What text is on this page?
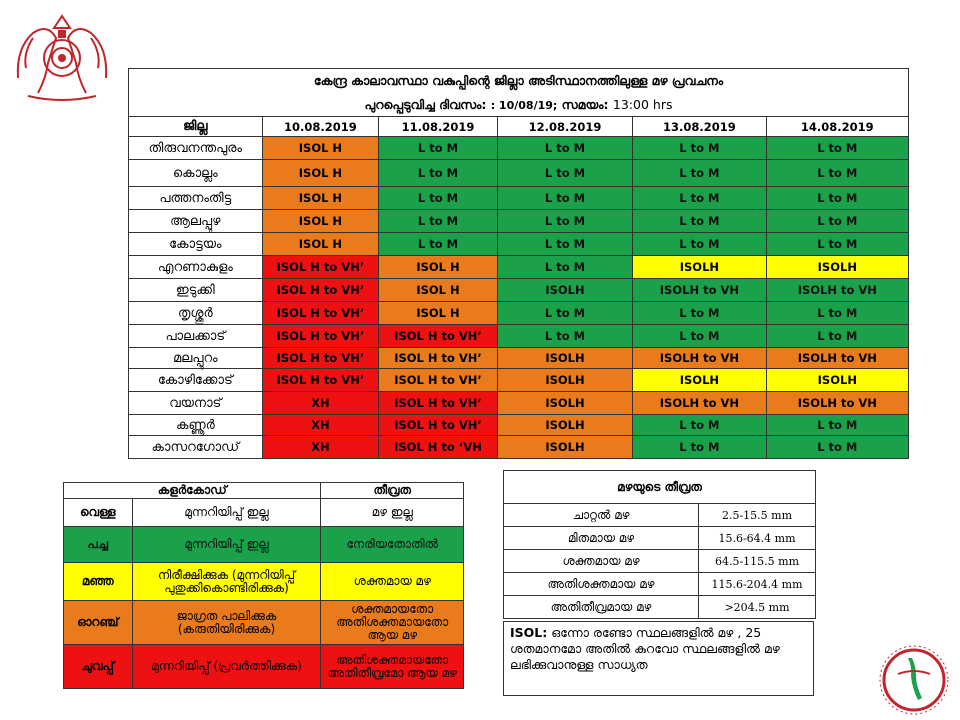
കേന്ദ്ര കാലാവസ്ഥാ വകുപ്പിന്റെ ജില്ലാ അടിസ്ഥാനത്തിലുള്ള മഴ പ്രവചനം
പുറപ്പെടുവിച്ച ദിവസം: : 10/08/19; സമയം: 13:00 hrs
ജില്ല	10.08.2019	11.08.2019	12.08.2019	13.08.2019	14.08.2019
തിരുവനന്തപുരം	ISOL H	L to M	L to M	L to M	L to M
കൊല്ലം	ISOL H	L to M	L to M	L to M	L to M
പത്തനംതിട്ട	ISOL H	L to M	L to M	L to M	L to M
ആലപ്പുഴ	ISOL H	L to M	L to M	L to M	L to M
കോട്ടയം	ISOL H	L to M	L to M	L to M	L to M
എറണാകുളം	ISOL H to VH’	ISOL H	L to M	ISOLH	ISOLH
ഇടുക്കി	ISOL H to VH’	ISOL H	ISOLH	ISOLH to VH	ISOLH to VH
തൃശ്ശൂർ	ISOL H to VH’	ISOL H	L to M	L to M	L to M
പാലക്കാട്	ISOL H to VH’	ISOL H to VH’	L to M	L to M	L to M
മലപ്പുറം	ISOL H to VH’	ISOL H to VH’	ISOLH	ISOLH to VH	ISOLH to VH
കോഴിക്കോട്	ISOL H to VH’	ISOL H to VH’	ISOLH	ISOLH	ISOLH
വയനാട്	XH	ISOL H to VH’	ISOLH	ISOLH to VH	ISOLH to VH
കണ്ണൂർ	XH	ISOL H to VH’	ISOLH	L to M	L to M
കാസറഗോഡ്	XH	ISOL H to ‘VH	ISOLH	L to M	L to M
കളർകോഡ്		തീവ്രത
വെള്ള	മുന്നറിയിപ്പ് ഇല്ല	മഴ ഇല്ല
പച്ച	മുന്നറിയിപ്പ് ഇല്ല	നേരിയതോതിൽ
മഞ്ഞ	നിരീക്ഷിക്കുക (മുന്നറിയിപ്പ് പുതുക്കികൊണ്ടിരിക്കുക)	ശക്തമായ മഴ
ഓറഞ്ച്	ജാഗ്രത പാലിക്കുക (കരുതിയിരിക്കുക)	ശക്തമായതോ അതിശക്തമായതോ ആയ മഴ
ചുവപ്പ്	മുന്നറിയിപ്പ് (പ്രവർത്തിക്കുക)	അതിശക്തമായതോ അതിതീവ്രമോ ആയ മഴ
മഴയുടെ തീവ്രത	
ചാറ്റൽ മഴ	2.5-15.5 mm
മിതമായ മഴ	15.6-64.4 mm
ശക്തമായ മഴ	64.5-115.5 mm
അതിശക്തമായ മഴ	115.6-204.4 mm
അതിതീവ്രമായ മഴ	>204.5 mm
ISOL: ഒന്നോ രണ്ടോ സ്ഥലങ്ങളിൽ മഴ , 25 ശതമാനമോ അതിൽ കുറവോ സ്ഥലങ്ങളിൽ മഴ ലഭിക്കുവാനുള്ള സാധ്യത
